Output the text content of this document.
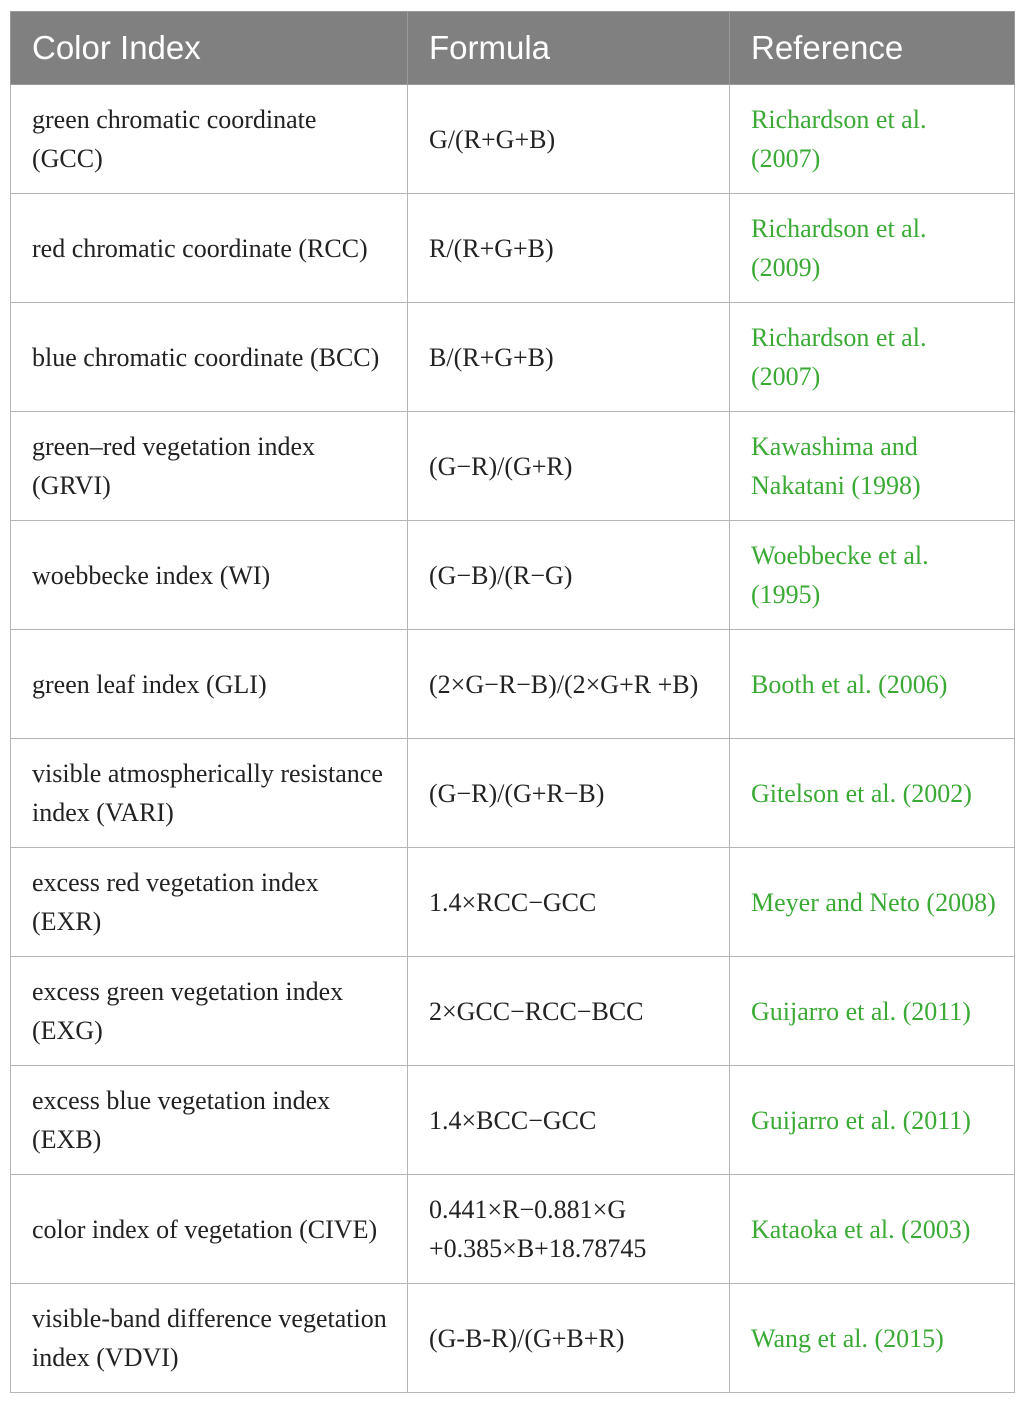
Color Index	Formula	Reference
green chromatic coordinate (GCC)	G/(R+G+B)	Richardson et al. (2007)
red chromatic coordinate (RCC)	R/(R+G+B)	Richardson et al. (2009)
blue chromatic coordinate (BCC)	B/(R+G+B)	Richardson et al. (2007)
green–red vegetation index (GRVI)	(G−R)/(G+R)	Kawashima and Nakatani (1998)
woebbecke index (WI)	(G−B)/(R−G)	Woebbecke et al. (1995)
green leaf index (GLI)	(2×G−R−B)/(2×G+R +B)	Booth et al. (2006)
visible atmospherically resistance index (VARI)	(G−R)/(G+R−B)	Gitelson et al. (2002)
excess red vegetation index (EXR)	1.4×RCC−GCC	Meyer and Neto (2008)
excess green vegetation index (EXG)	2×GCC−RCC−BCC	Guijarro et al. (2011)
excess blue vegetation index (EXB)	1.4×BCC−GCC	Guijarro et al. (2011)
color index of vegetation (CIVE)	0.441×R−0.881×G +0.385×B+18.78745	Kataoka et al. (2003)
visible-band difference vegetation index (VDVI)	(G-B-R)/(G+B+R)	Wang et al. (2015)
